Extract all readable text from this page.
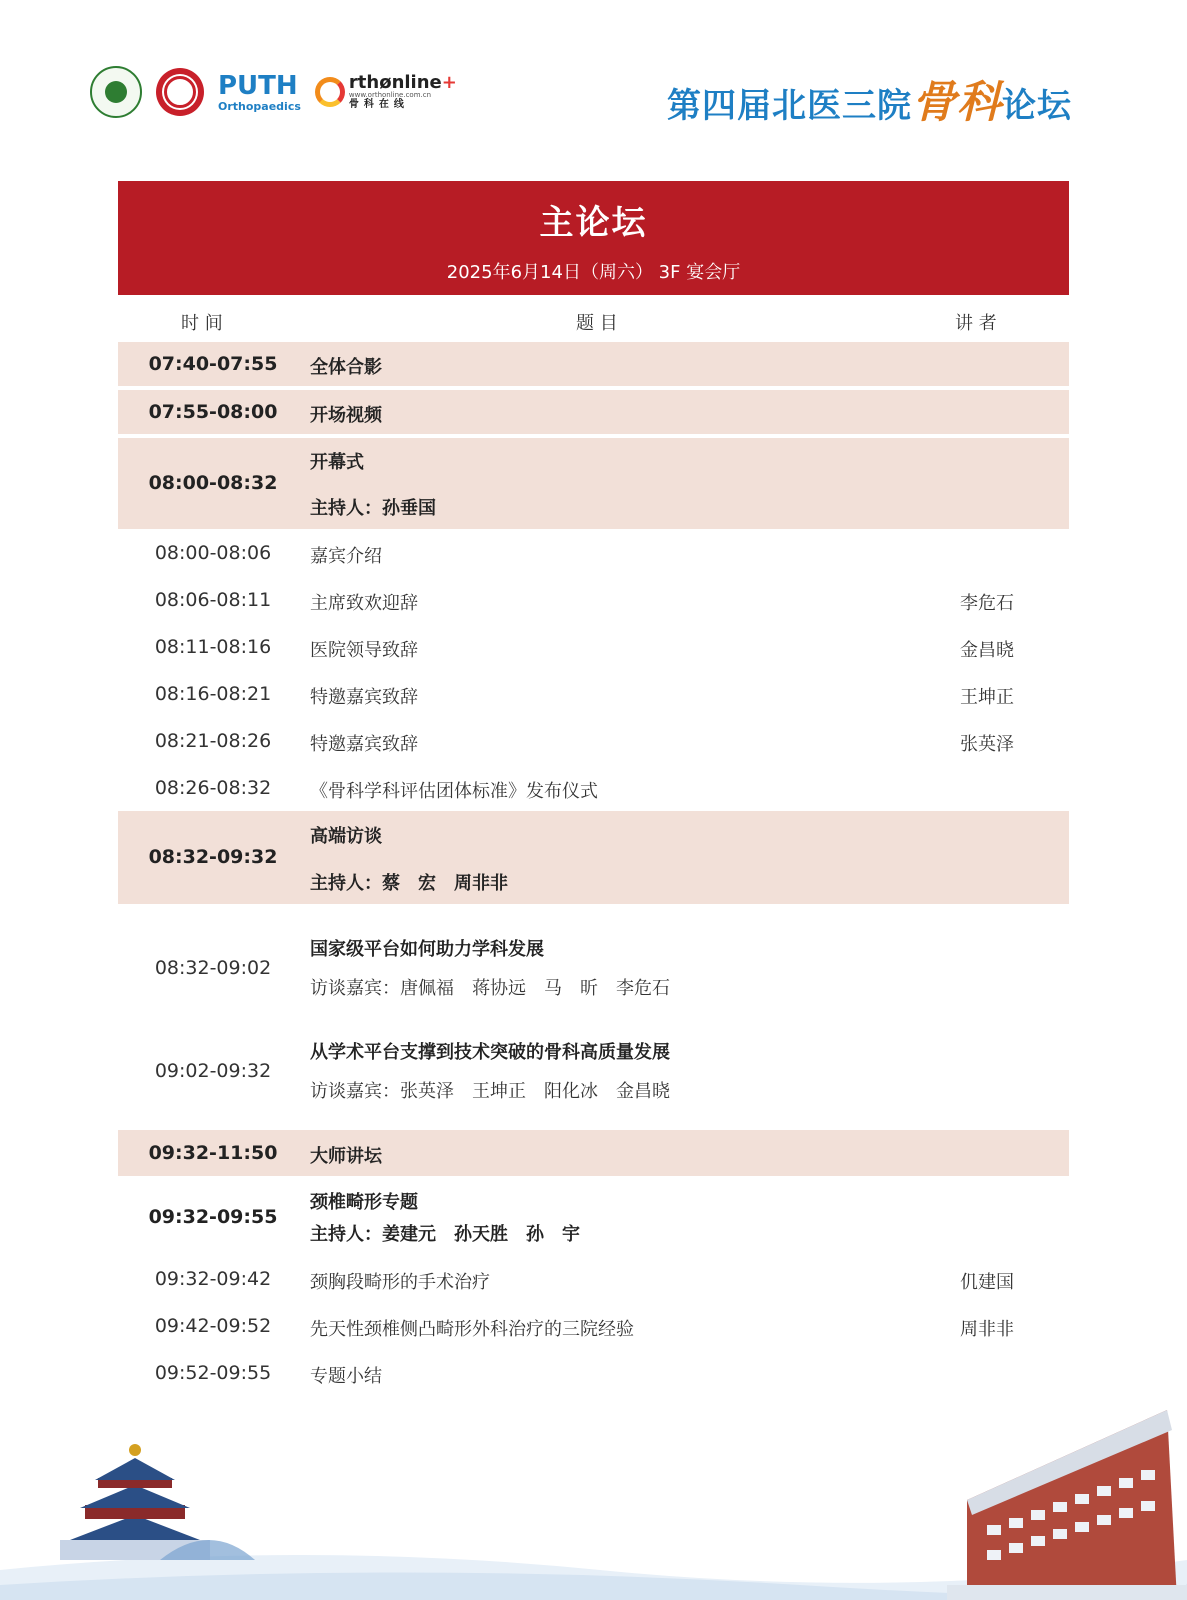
PUTH
Orthopaedics
rthønline+
www.orthonline.com.cn
骨科在线	第四届北医三院骨科论坛
主论坛
2025年6月14日（周六） 3F 宴会厅
时 间	题 目	讲 者
07:40-07:55	全体合影
07:55-08:00	开场视频
08:00-08:32
开幕式
主持人：孙垂国
08:00-08:06	嘉宾介绍
08:06-08:11	主席致欢迎辞	李危石
08:11-08:16	医院领导致辞	金昌晓
08:16-08:21	特邀嘉宾致辞	王坤正
08:21-08:26	特邀嘉宾致辞	张英泽
08:26-08:32	《骨科学科评估团体标准》发布仪式
08:32-09:32
高端访谈
主持人：蔡　宏　周非非
08:32-09:02
国家级平台如何助力学科发展
访谈嘉宾：唐佩福　蒋协远　马　昕　李危石
09:02-09:32
从学术平台支撑到技术突破的骨科高质量发展
访谈嘉宾：张英泽　王坤正　阳化冰　金昌晓
09:32-11:50	大师讲坛
09:32-09:55
颈椎畸形专题
主持人：姜建元　孙天胜　孙　宇
09:32-09:42	颈胸段畸形的手术治疗	仉建国
09:42-09:52	先天性颈椎侧凸畸形外科治疗的三院经验	周非非
09:52-09:55	专题小结
